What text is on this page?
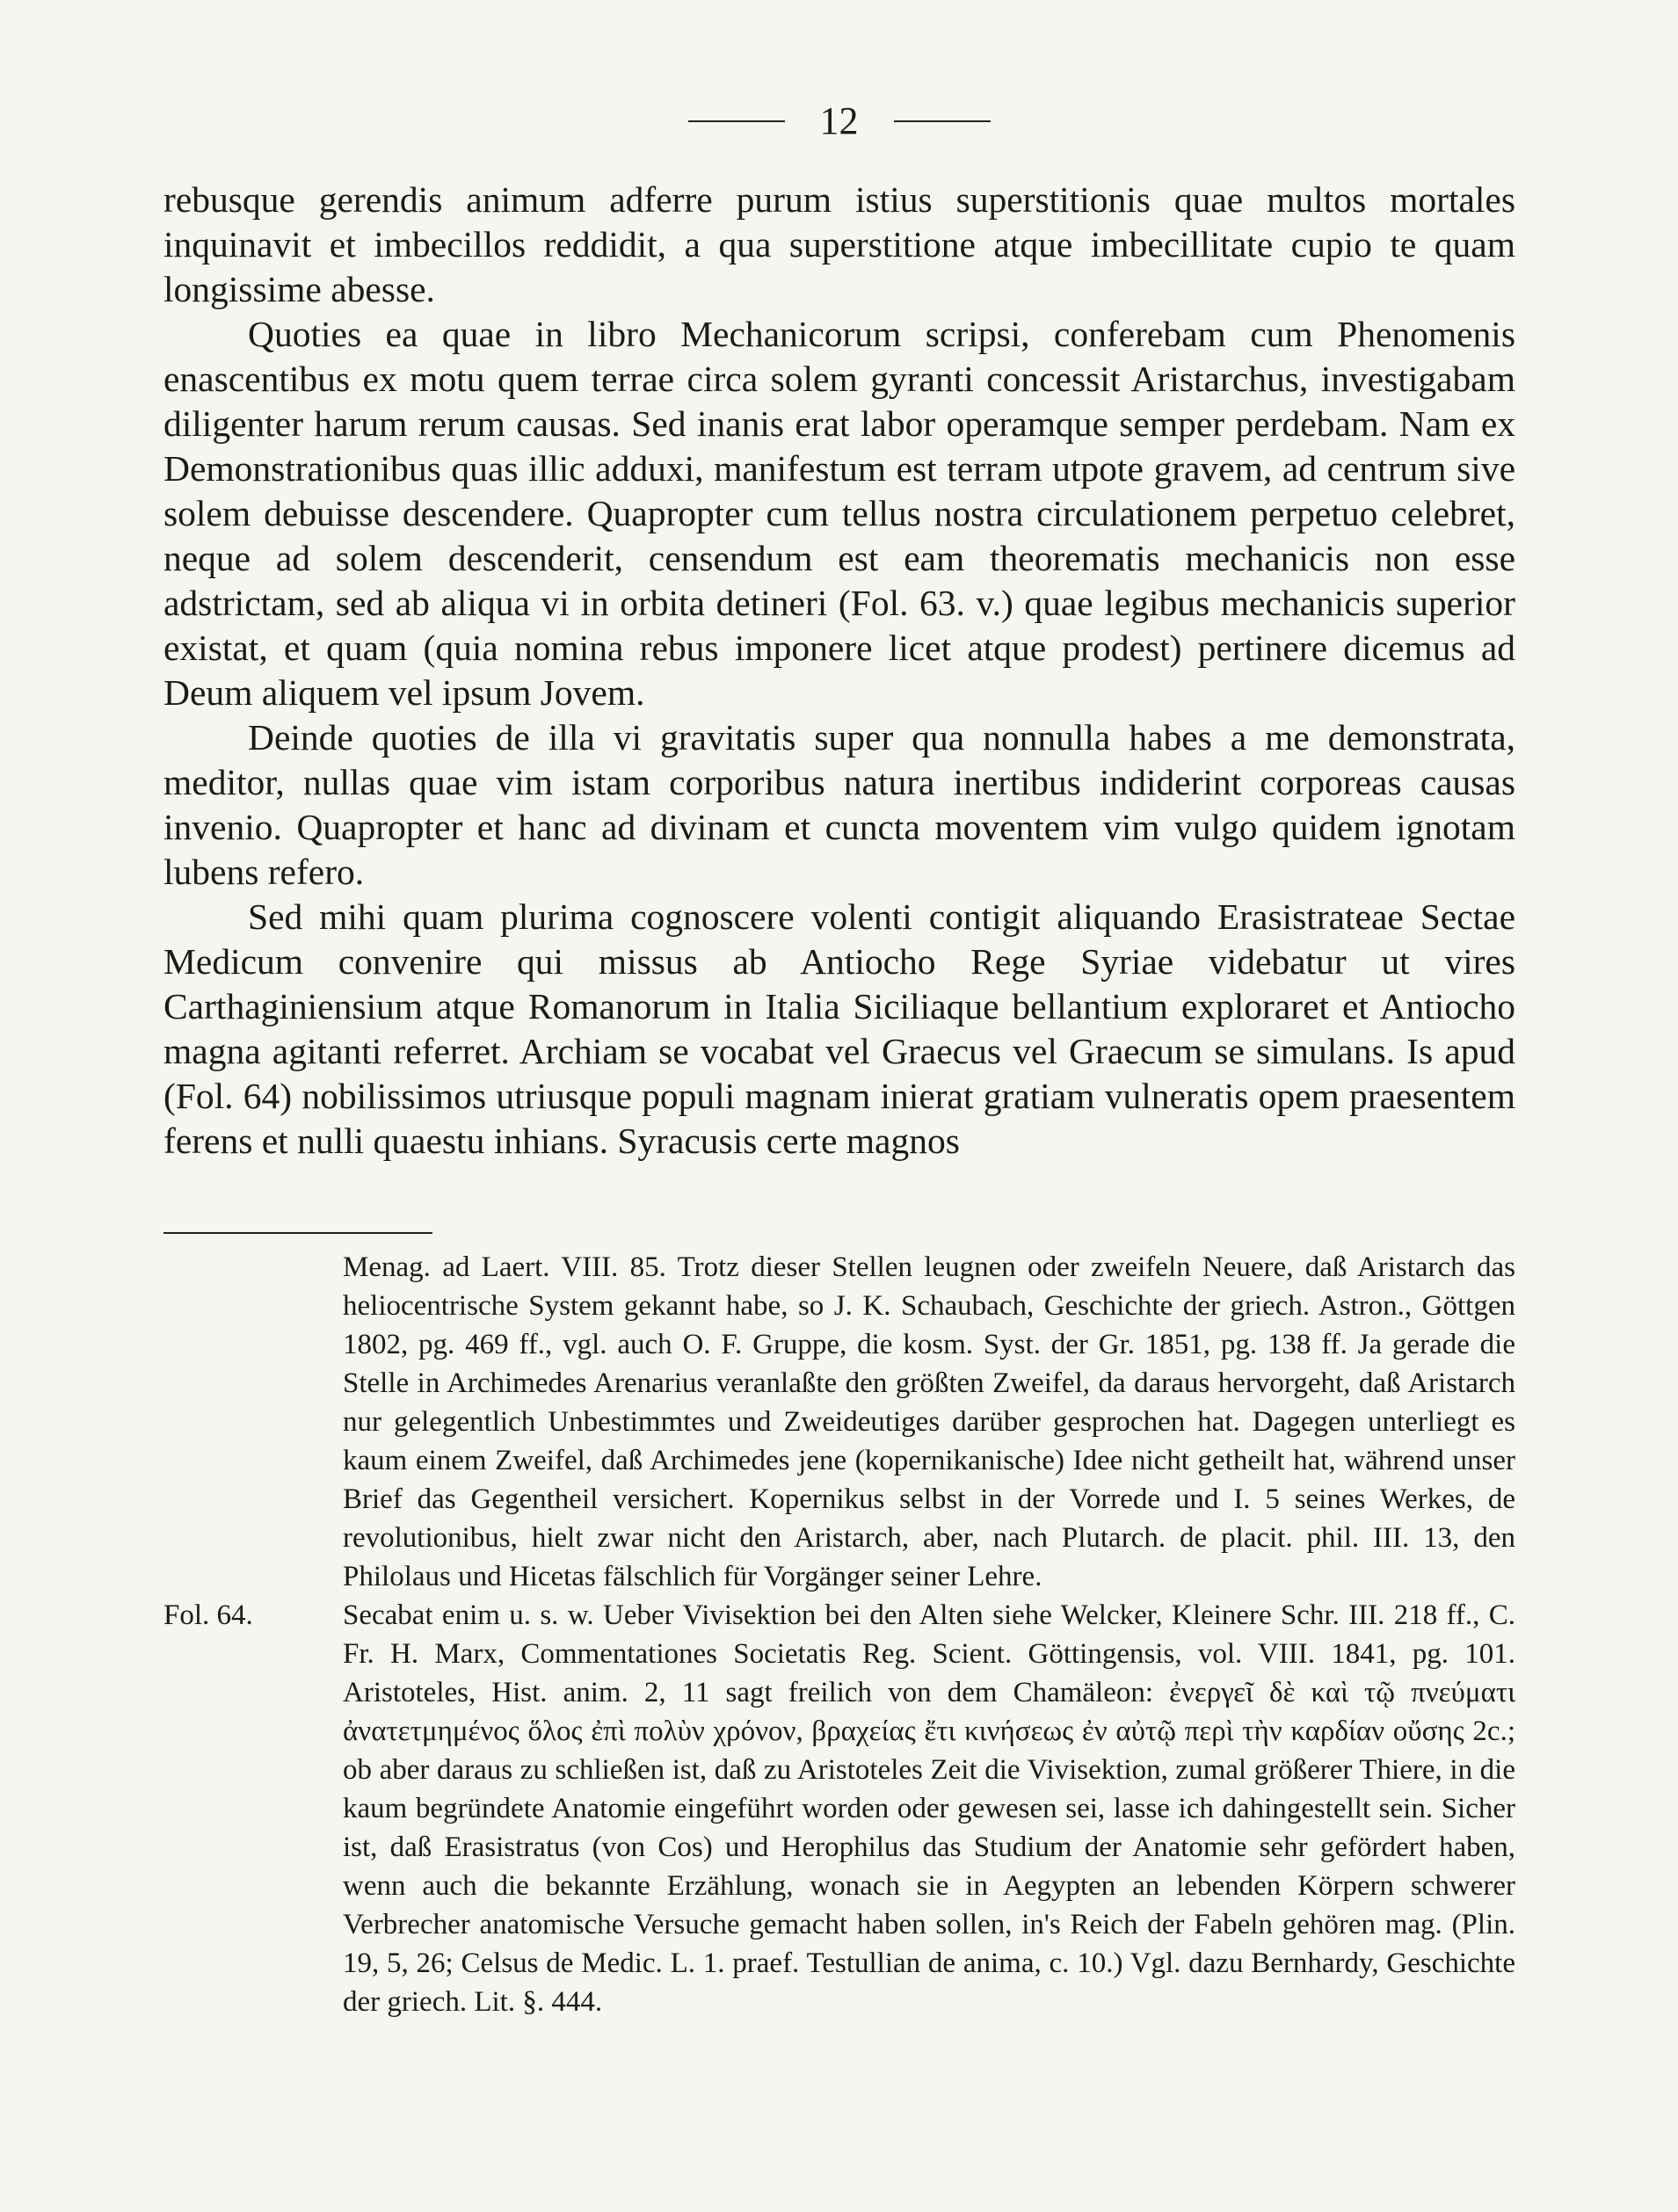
12

rebusque gerendis animum adferre purum istius superstitionis quae multos mortales inquinavit et imbecillos reddidit, a qua superstitione atque imbecillitate cupio te quam longissime abesse.

Quoties ea quae in libro Mechanicorum scripsi, conferebam cum Phenomenis enascentibus ex motu quem terrae circa solem gyranti concessit Aristarchus, investigabam diligenter harum rerum causas. Sed inanis erat labor operamque semper perdebam. Nam ex Demonstrationibus quas illic adduxi, manifestum est terram utpote gravem, ad centrum sive solem debuisse descendere. Quapropter cum tellus nostra circulationem perpetuo celebret, neque ad solem descenderit, censendum est eam theorematis mechanicis non esse adstrictam, sed ab aliqua vi in orbita detineri (Fol. 63. v.) quae legibus mechanicis superior existat, et quam (quia nomina rebus imponere licet atque prodest) pertinere dicemus ad Deum aliquem vel ipsum Jovem.

Deinde quoties de illa vi gravitatis super qua nonnulla habes a me demonstrata, meditor, nullas quae vim istam corporibus natura inertibus indiderint corporeas causas invenio. Quapropter et hanc ad divinam et cuncta moventem vim vulgo quidem ignotam lubens refero.

Sed mihi quam plurima cognoscere volenti contigit aliquando Erasistrateae Sectae Medicum convenire qui missus ab Antiocho Rege Syriae videbatur ut vires Carthaginiensium atque Romanorum in Italia Siciliaque bellantium exploraret et Antiocho magna agitanti referret. Archiam se vocabat vel Graecus vel Graecum se simulans. Is apud (Fol. 64) nobilissimos utriusque populi magnam inierat gratiam vulneratis opem praesentem ferens et nulli quaestu inhians. Syracusis certe magnos

Menag. ad Laert. VIII. 85. Trotz dieser Stellen leugnen oder zweifeln Neuere, daß Aristarch das heliocentrische System gekannt habe, so J. K. Schaubach, Geschichte der griech. Astron., Göttgen 1802, pg. 469 ff., vgl. auch O. F. Gruppe, die kosm. Syst. der Gr. 1851, pg. 138 ff. Ja gerade die Stelle in Archimedes Arenarius veranlaßte den größten Zweifel, da daraus hervorgeht, daß Aristarch nur gelegentlich Unbestimmtes und Zweideutiges darüber gesprochen hat. Dagegen unterliegt es kaum einem Zweifel, daß Archimedes jene (kopernikanische) Idee nicht getheilt hat, während unser Brief das Gegentheil versichert. Kopernikus selbst in der Vorrede und I. 5 seines Werkes, de revolutionibus, hielt zwar nicht den Aristarch, aber, nach Plutarch. de placit. phil. III. 13, den Philolaus und Hicetas fälschlich für Vorgänger seiner Lehre.
Fol. 64.	Secabat enim u. s. w. Ueber Vivisektion bei den Alten siehe Welcker, Kleinere Schr. III. 218 ff., C. Fr. H. Marx, Commentationes Societatis Reg. Scient. Göttingensis, vol. VIII. 1841, pg. 101. Aristoteles, Hist. anim. 2, 11 sagt freilich von dem Chamäleon: ἐνεργεῖ δὲ καὶ τῷ πνεύματι ἀνατετμημένος ὅλος ἐπὶ πολὺν χρόνον, βραχείας ἔτι κινήσεως ἐν αὐτῷ περὶ τὴν καρδίαν οὔσης 2c.; ob aber daraus zu schließen ist, daß zu Aristoteles Zeit die Vivisektion, zumal größerer Thiere, in die kaum begründete Anatomie eingeführt worden oder gewesen sei, lasse ich dahingestellt sein. Sicher ist, daß Erasistratus (von Cos) und Herophilus das Studium der Anatomie sehr gefördert haben, wenn auch die bekannte Erzählung, wonach sie in Aegypten an lebenden Körpern schwerer Verbrecher anatomische Versuche gemacht haben sollen, in's Reich der Fabeln gehören mag. (Plin. 19, 5, 26; Celsus de Medic. L. 1. praef. Testullian de anima, c. 10.) Vgl. dazu Bernhardy, Geschichte der griech. Lit. §. 444.
